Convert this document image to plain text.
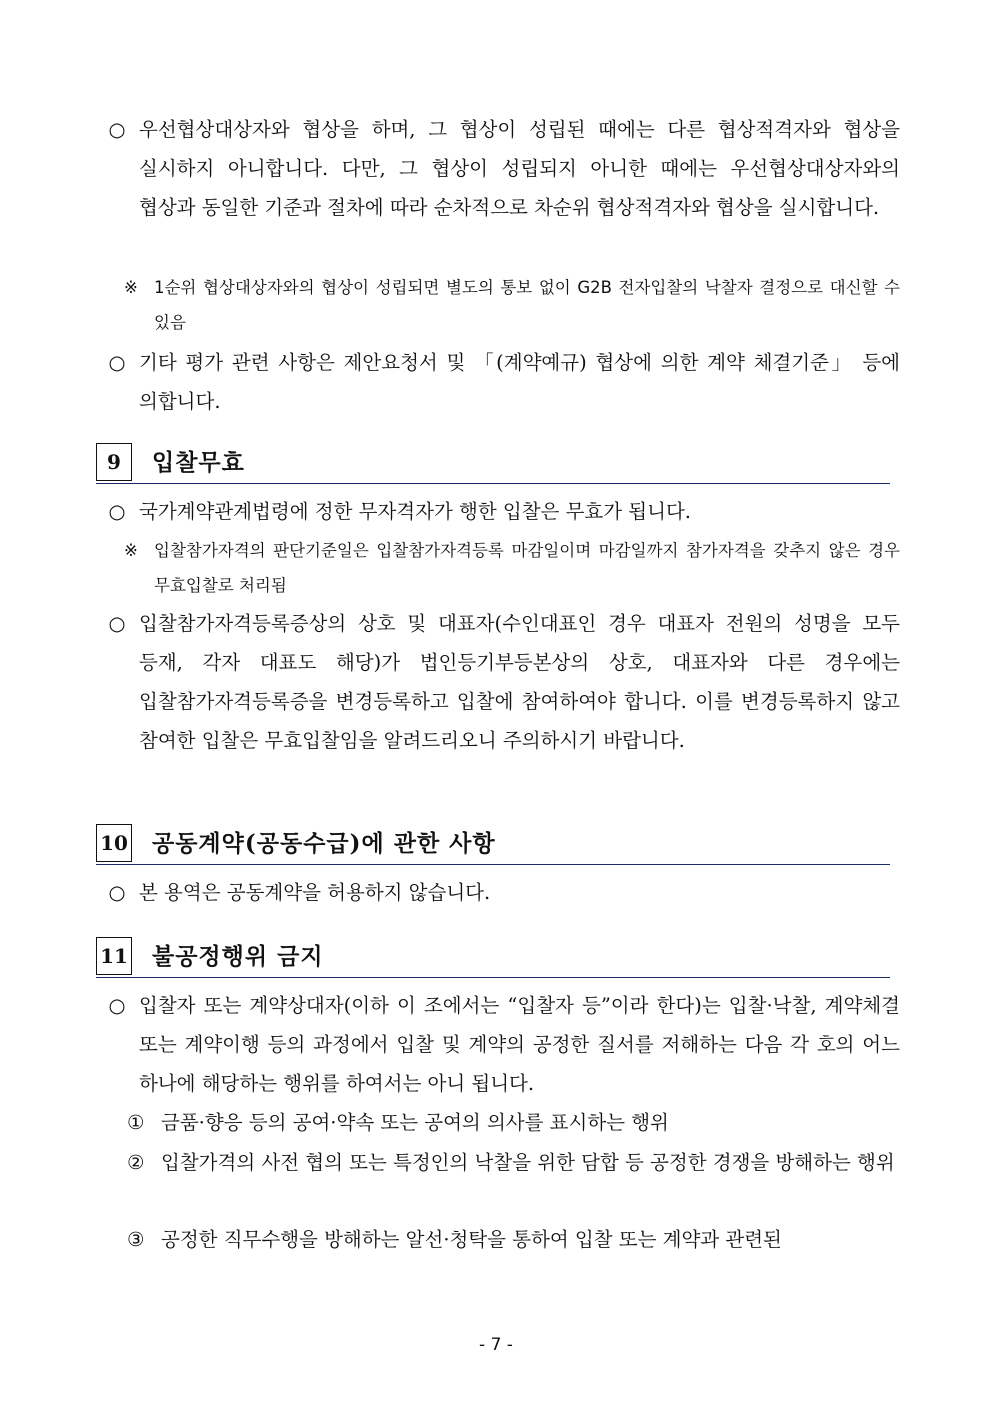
○ 우선협상대상자와 협상을 하며, 그 협상이 성립된 때에는 다른 협상적격자와 협상을 실시하지 아니합니다. 다만, 그 협상이 성립되지 아니한 때에는 우선협상대상자와의 협상과 동일한 기준과 절차에 따라 순차적으로 차순위 협상적격자와 협상을 실시합니다.
※ 1순위 협상대상자와의 협상이 성립되면 별도의 통보 없이 G2B 전자입찰의 낙찰자 결정으로 대신할 수 있음
○ 기타 평가 관련 사항은 제안요청서 및 「(계약예규) 협상에 의한 계약 체결기준」 등에 의합니다.
9	입찰무효
○ 국가계약관계법령에 정한 무자격자가 행한 입찰은 무효가 됩니다.
※ 입찰참가자격의 판단기준일은 입찰참가자격등록 마감일이며 마감일까지 참가자격을 갖추지 않은 경우 무효입찰로 처리됨
○ 입찰참가자격등록증상의 상호 및 대표자(수인대표인 경우 대표자 전원의 성명을 모두 등재, 각자 대표도 해당)가 법인등기부등본상의 상호, 대표자와 다른 경우에는 입찰참가자격등록증을 변경등록하고 입찰에 참여하여야 합니다. 이를 변경등록하지 않고 참여한 입찰은 무효입찰임을 알려드리오니 주의하시기 바랍니다.
10 공동계약(공동수급)에 관한 사항
○ 본 용역은 공동계약을 허용하지 않습니다.
11 불공정행위 금지
○ 입찰자 또는 계약상대자(이하 이 조에서는 “입찰자 등”이라 한다)는 입찰·낙찰, 계약체결 또는 계약이행 등의 과정에서 입찰 및 계약의 공정한 질서를 저해하는 다음 각 호의 어느 하나에 해당하는 행위를 하여서는 아니 됩니다.
① 금품·향응 등의 공여·약속 또는 공여의 의사를 표시하는 행위
② 입찰가격의 사전 협의 또는 특정인의 낙찰을 위한 담합 등 공정한 경쟁을 방해하는 행위
③ 공정한 직무수행을 방해하는 알선·청탁을 통하여 입찰 또는 계약과 관련된
- 7 -
